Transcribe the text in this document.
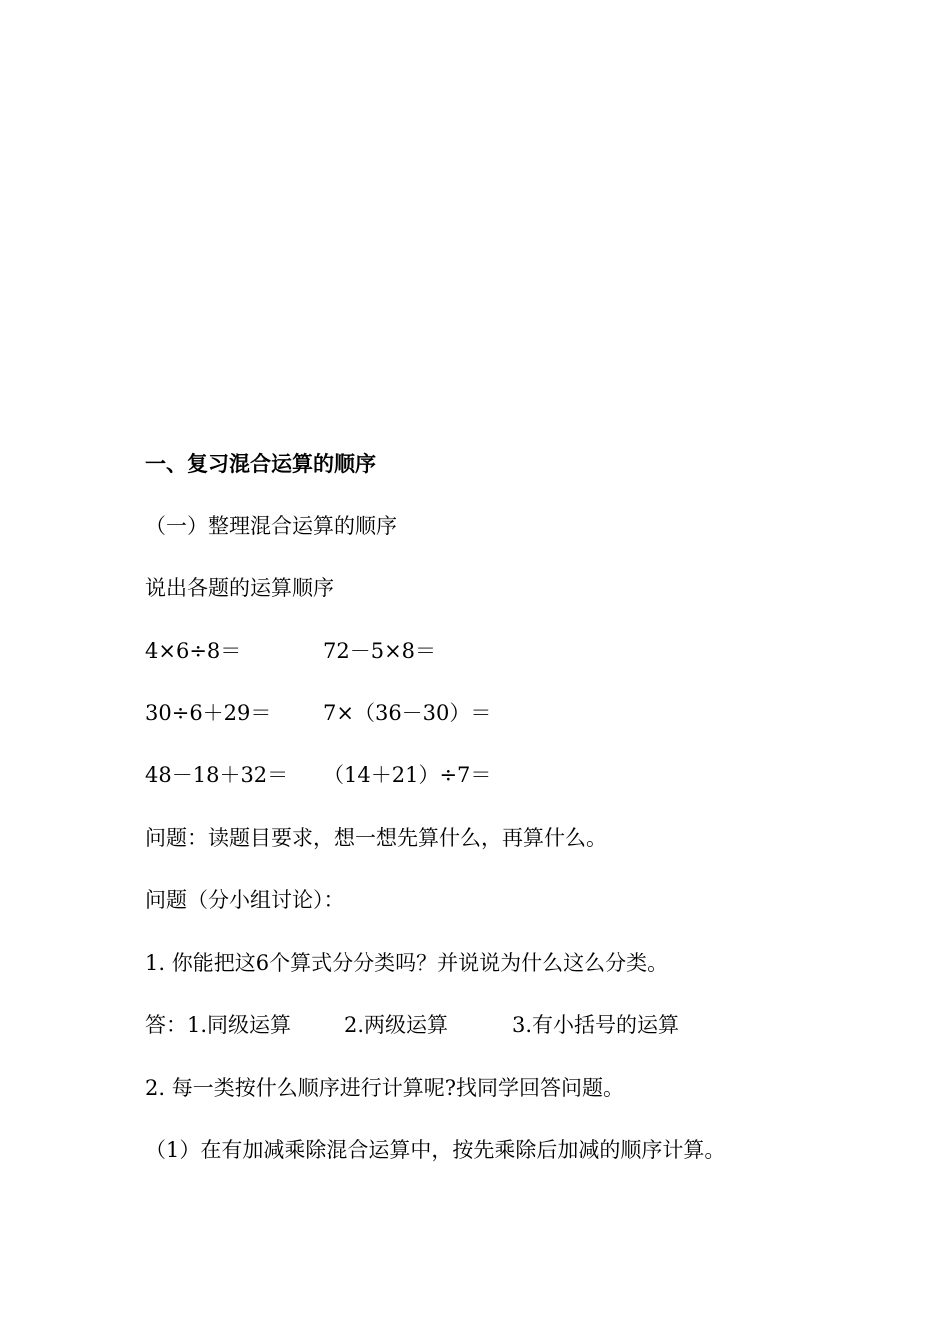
一、复习混合运算的顺序
（一）整理混合运算的顺序
说出各题的运算顺序
4×6÷8＝	72－5×8＝
30÷6＋29＝ 7×（36－30）＝
48－18＋32＝ （14＋21）÷7＝
问题：读题目要求，想一想先算什么，再算什么。
问题（分小组讨论）：
1. 你能把这6个算式分分类吗？并说说为什么这么分类。
答：1.同级运算	2.两级运算	3.有小括号的运算
2. 每一类按什么顺序进行计算呢?找同学回答问题。
（1）在有加减乘除混合运算中，按先乘除后加减的顺序计算。
